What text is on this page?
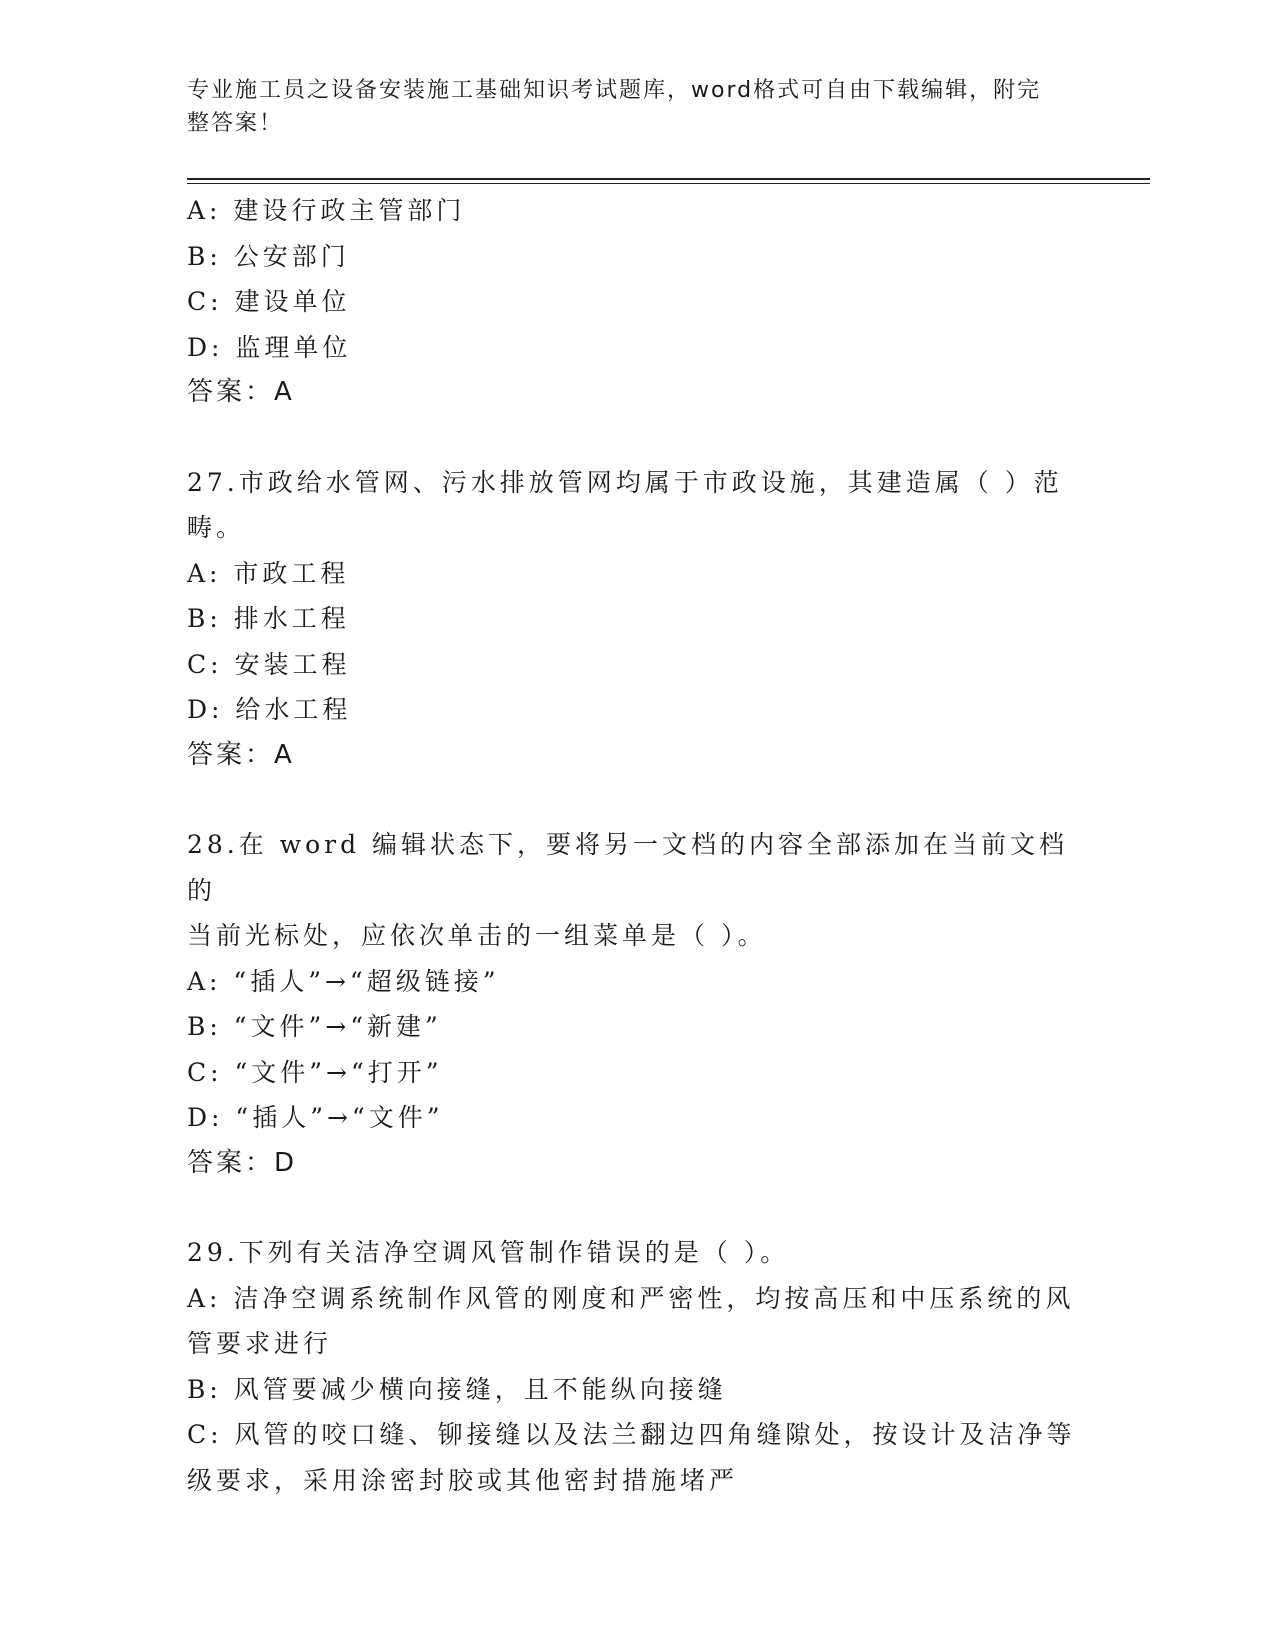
专业施工员之设备安装施工基础知识考试题库，word格式可自由下载编辑，附完
整答案！
A: 建设行政主管部门
B: 公安部门
C: 建设单位
D: 监理单位
答案：A
27.市政给水管网、污水排放管网均属于市政设施，其建造属（ ）范
畴。
A: 市政工程
B: 排水工程
C: 安装工程
D: 给水工程
答案：A
28.在 word 编辑状态下，要将另一文档的内容全部添加在当前文档的
当前光标处，应依次单击的一组菜单是（ ）。
A: “插人”→“超级链接”
B: “文件”→“新建”
C: “文件”→“打开”
D: “插人”→“文件”
答案：D
29.下列有关洁净空调风管制作错误的是（ ）。
A: 洁净空调系统制作风管的刚度和严密性，均按高压和中压系统的风
管要求进行
B: 风管要减少横向接缝，且不能纵向接缝
C: 风管的咬口缝、铆接缝以及法兰翻边四角缝隙处，按设计及洁净等
级要求，采用涂密封胶或其他密封措施堵严
